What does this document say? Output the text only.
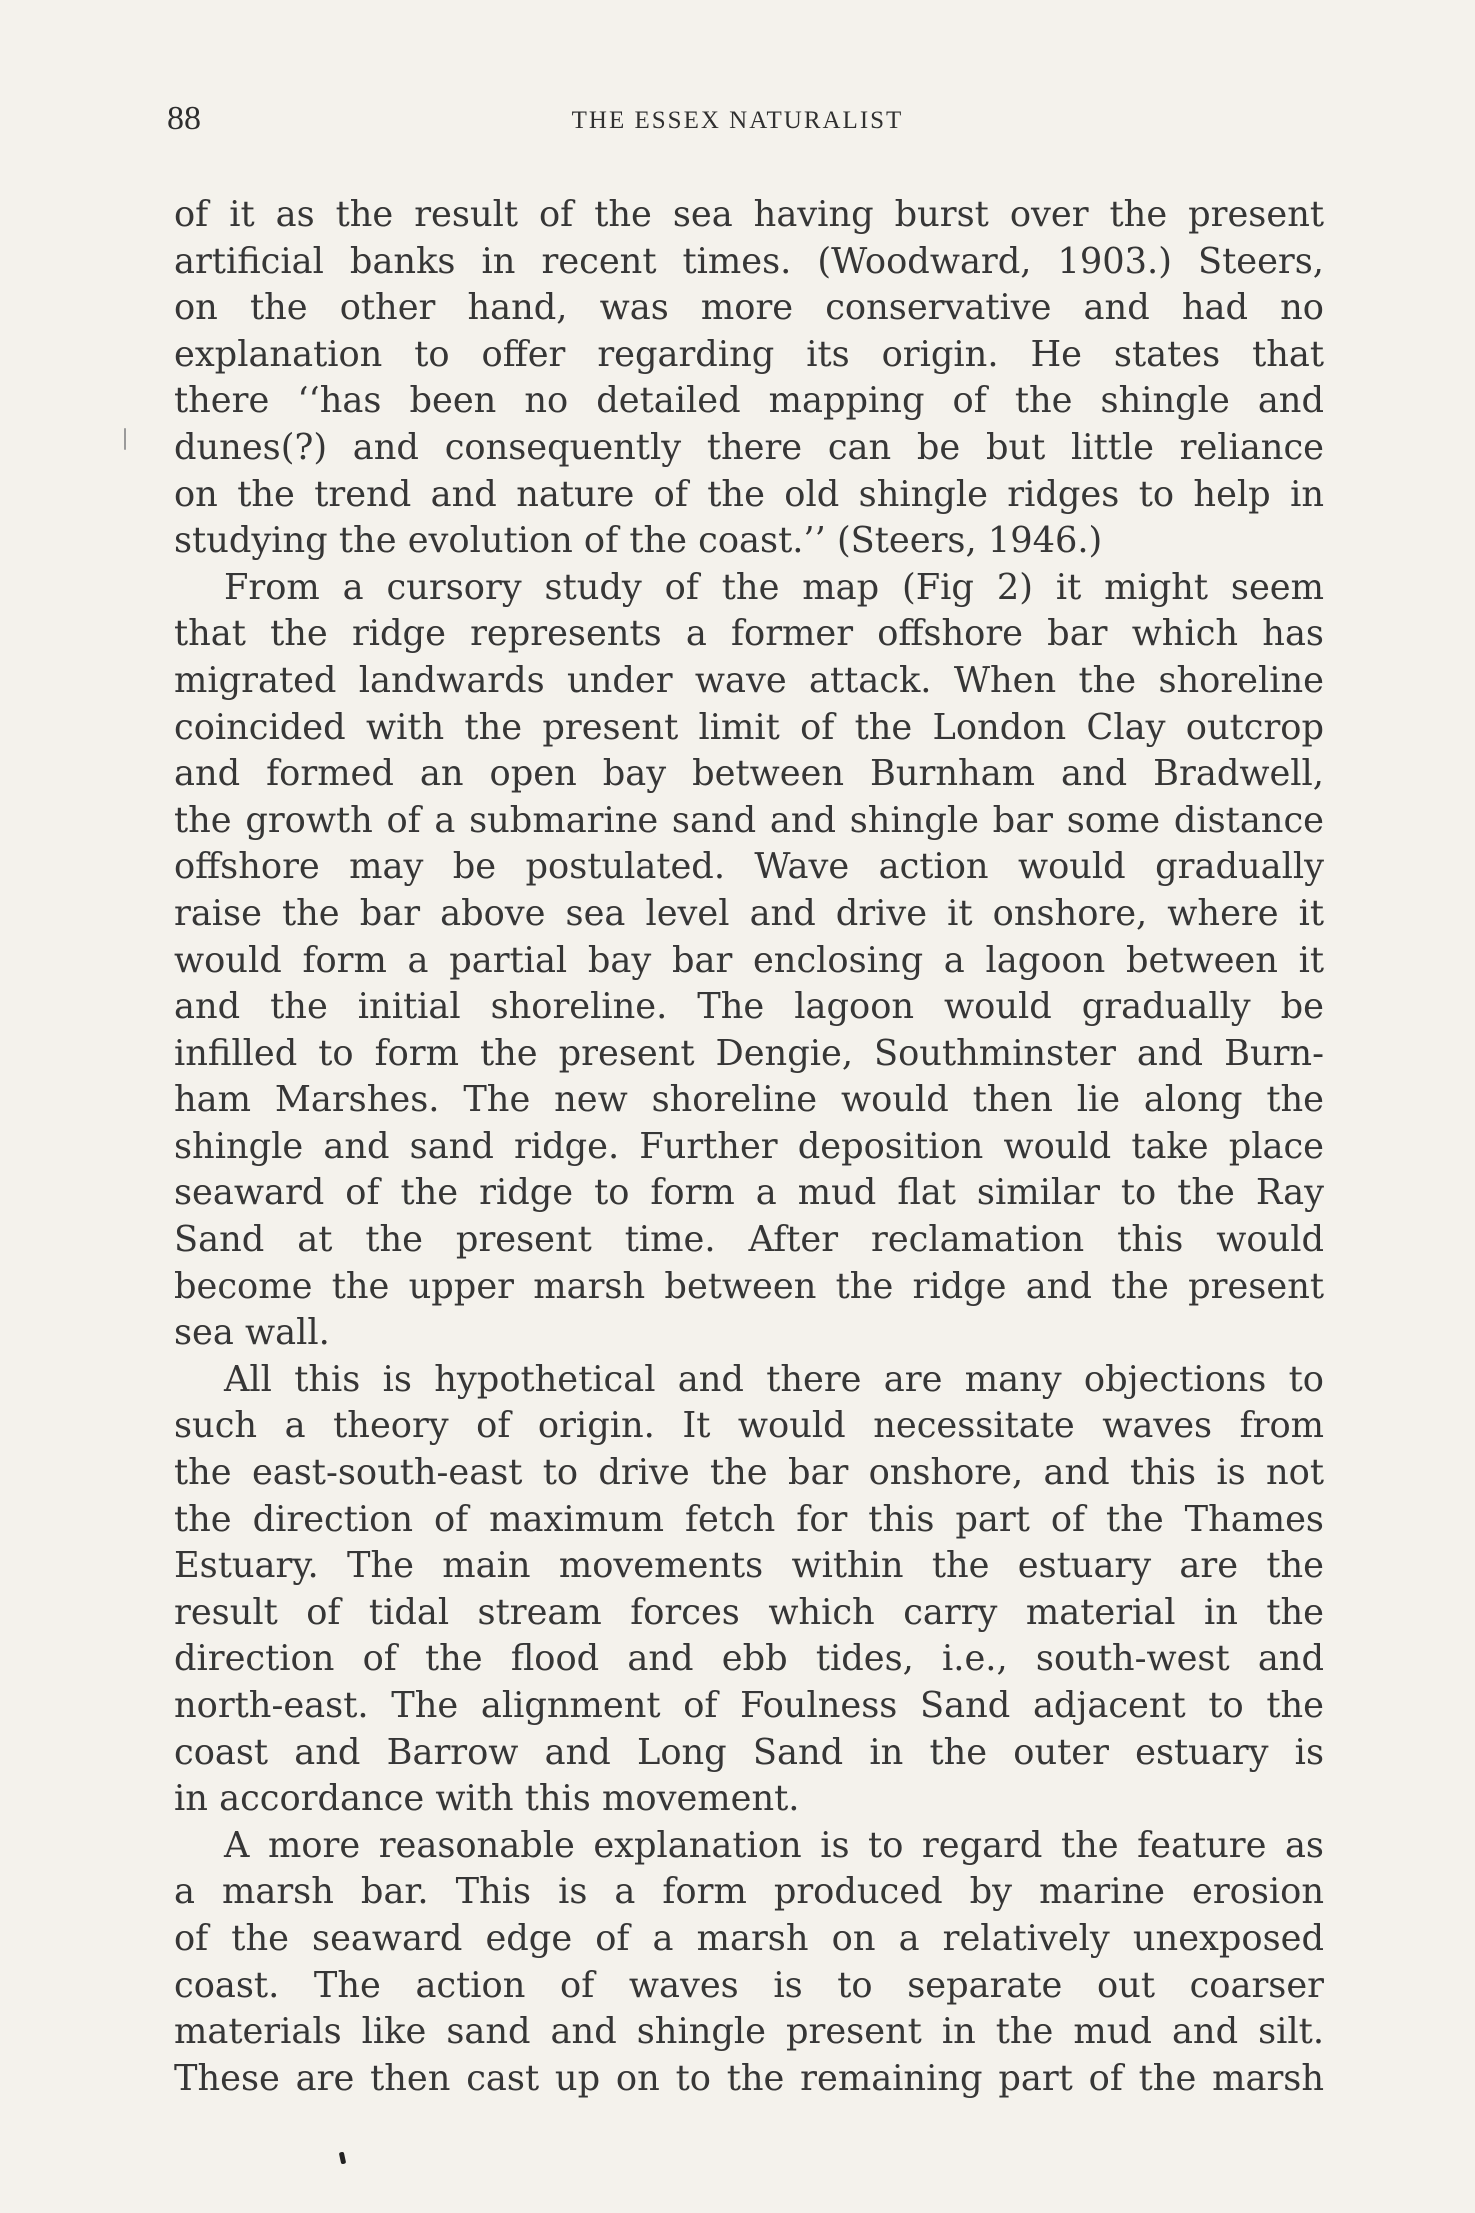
88	THE ESSEX NATURALIST
of it as the result of the sea having burst over the present
artificial banks in recent times. (Woodward, 1903.) Steers,
on the other hand, was more conservative and had no
explanation to offer regarding its origin. He states that
there ‘‘has been no detailed mapping of the shingle and
dunes(?) and consequently there can be but little reliance
on the trend and nature of the old shingle ridges to help in
studying the evolution of the coast.’’ (Steers, 1946.)
From a cursory study of the map (Fig 2) it might seem
that the ridge represents a former offshore bar which has
migrated landwards under wave attack. When the shoreline
coincided with the present limit of the London Clay outcrop
and formed an open bay between Burnham and Bradwell,
the growth of a submarine sand and shingle bar some distance
offshore may be postulated. Wave action would gradually
raise the bar above sea level and drive it onshore, where it
would form a partial bay bar enclosing a lagoon between it
and the initial shoreline. The lagoon would gradually be
infilled to form the present Dengie, Southminster and Burn-
ham Marshes. The new shoreline would then lie along the
shingle and sand ridge. Further deposition would take place
seaward of the ridge to form a mud flat similar to the Ray
Sand at the present time. After reclamation this would
become the upper marsh between the ridge and the present
sea wall.
All this is hypothetical and there are many objections to
such a theory of origin. It would necessitate waves from
the east-south-east to drive the bar onshore, and this is not
the direction of maximum fetch for this part of the Thames
Estuary. The main movements within the estuary are the
result of tidal stream forces which carry material in the
direction of the flood and ebb tides, i.e., south-west and
north-east. The alignment of Foulness Sand adjacent to the
coast and Barrow and Long Sand in the outer estuary is
in accordance with this movement.
A more reasonable explanation is to regard the feature as
a marsh bar. This is a form produced by marine erosion
of the seaward edge of a marsh on a relatively unexposed
coast. The action of waves is to separate out coarser
materials like sand and shingle present in the mud and silt.
These are then cast up on to the remaining part of the marsh
